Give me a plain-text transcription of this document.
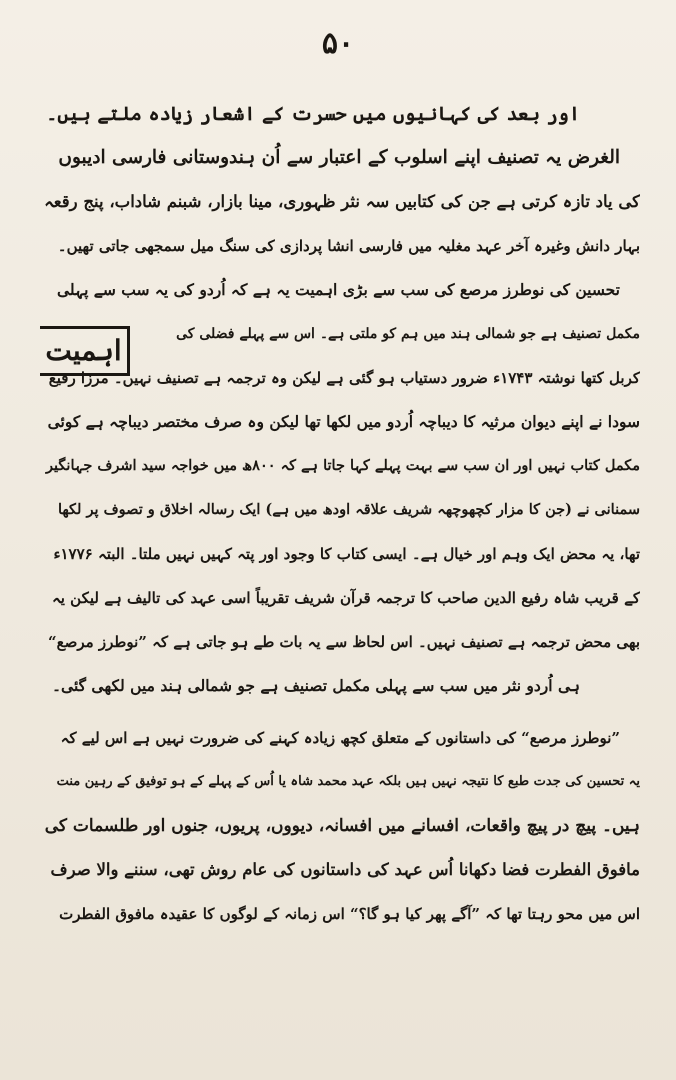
۵۰
اہمیت
اور بعد کی کہانیوں میں حسرت کے اشعار زیادہ ملتے ہیں۔
الغرض یہ تصنیف اپنے اسلوب کے اعتبار سے اُن ہندوستانی فارسی ادیبوں
کی یاد تازہ کرتی ہے جن کی کتابیں سہ نثر ظہوری، مینا بازار، شبنم شاداب، پنج رقعہ
بہار دانش وغیرہ آخر عہد مغلیہ میں فارسی انشا پردازی کی سنگ میل سمجھی جاتی تھیں۔
تحسین کی نوطرز مرصع کی سب سے بڑی اہمیت یہ ہے کہ اُردو کی یہ سب سے پہلی
مکمل تصنیف ہے جو شمالی ہند میں ہم کو ملتی ہے۔ اس سے پہلے فضلی کی
کربل کتھا نوشتہ ۱۷۴۳ء ضرور دستیاب ہو گئی ہے لیکن وہ ترجمہ ہے تصنیف نہیں۔ مرزا رفیع
سودا نے اپنے دیوان مرثیہ کا دیباچہ اُردو میں لکھا تھا لیکن وہ صرف مختصر دیباچہ ہے کوئی
مکمل کتاب نہیں اور ان سب سے بہت پہلے کہا جاتا ہے کہ ۸۰۰ھ میں خواجہ سید اشرف جہانگیر
سمنانی نے (جن کا مزار کچھوچھہ شریف علاقہ اودھ میں ہے) ایک رسالہ اخلاق و تصوف پر لکھا
تھا، یہ محض ایک وہم اور خیال ہے۔ ایسی کتاب کا وجود اور پتہ کہیں نہیں ملتا۔ البتہ ۱۷۷۶ء
کے قریب شاہ رفیع الدین صاحب کا ترجمہ قرآن شریف تقریباً اسی عہد کی تالیف ہے لیکن یہ
بھی محض ترجمہ ہے تصنیف نہیں۔ اس لحاظ سے یہ بات طے ہو جاتی ہے کہ ”نوطرز مرصع“
ہی اُردو نثر میں سب سے پہلی مکمل تصنیف ہے جو شمالی ہند میں لکھی گئی۔
”نوطرز مرصع“ کی داستانوں کے متعلق کچھ زیادہ کہنے کی ضرورت نہیں ہے اس لیے کہ
یہ تحسین کی جدت طبع کا نتیجہ نہیں ہیں بلکہ عہد محمد شاہ یا اُس کے پہلے کے ہو توفیق کے رہین منت
ہیں۔ پیچ در پیچ واقعات، افسانے میں افسانہ، دیووں، پریوں، جنوں اور طلسمات کی
مافوق الفطرت فضا دکھانا اُس عہد کی داستانوں کی عام روش تھی، سننے والا صرف
اس میں محو رہتا تھا کہ ”آگے پھر کیا ہو گا؟“ اس زمانہ کے لوگوں کا عقیدہ مافوق الفطرت
